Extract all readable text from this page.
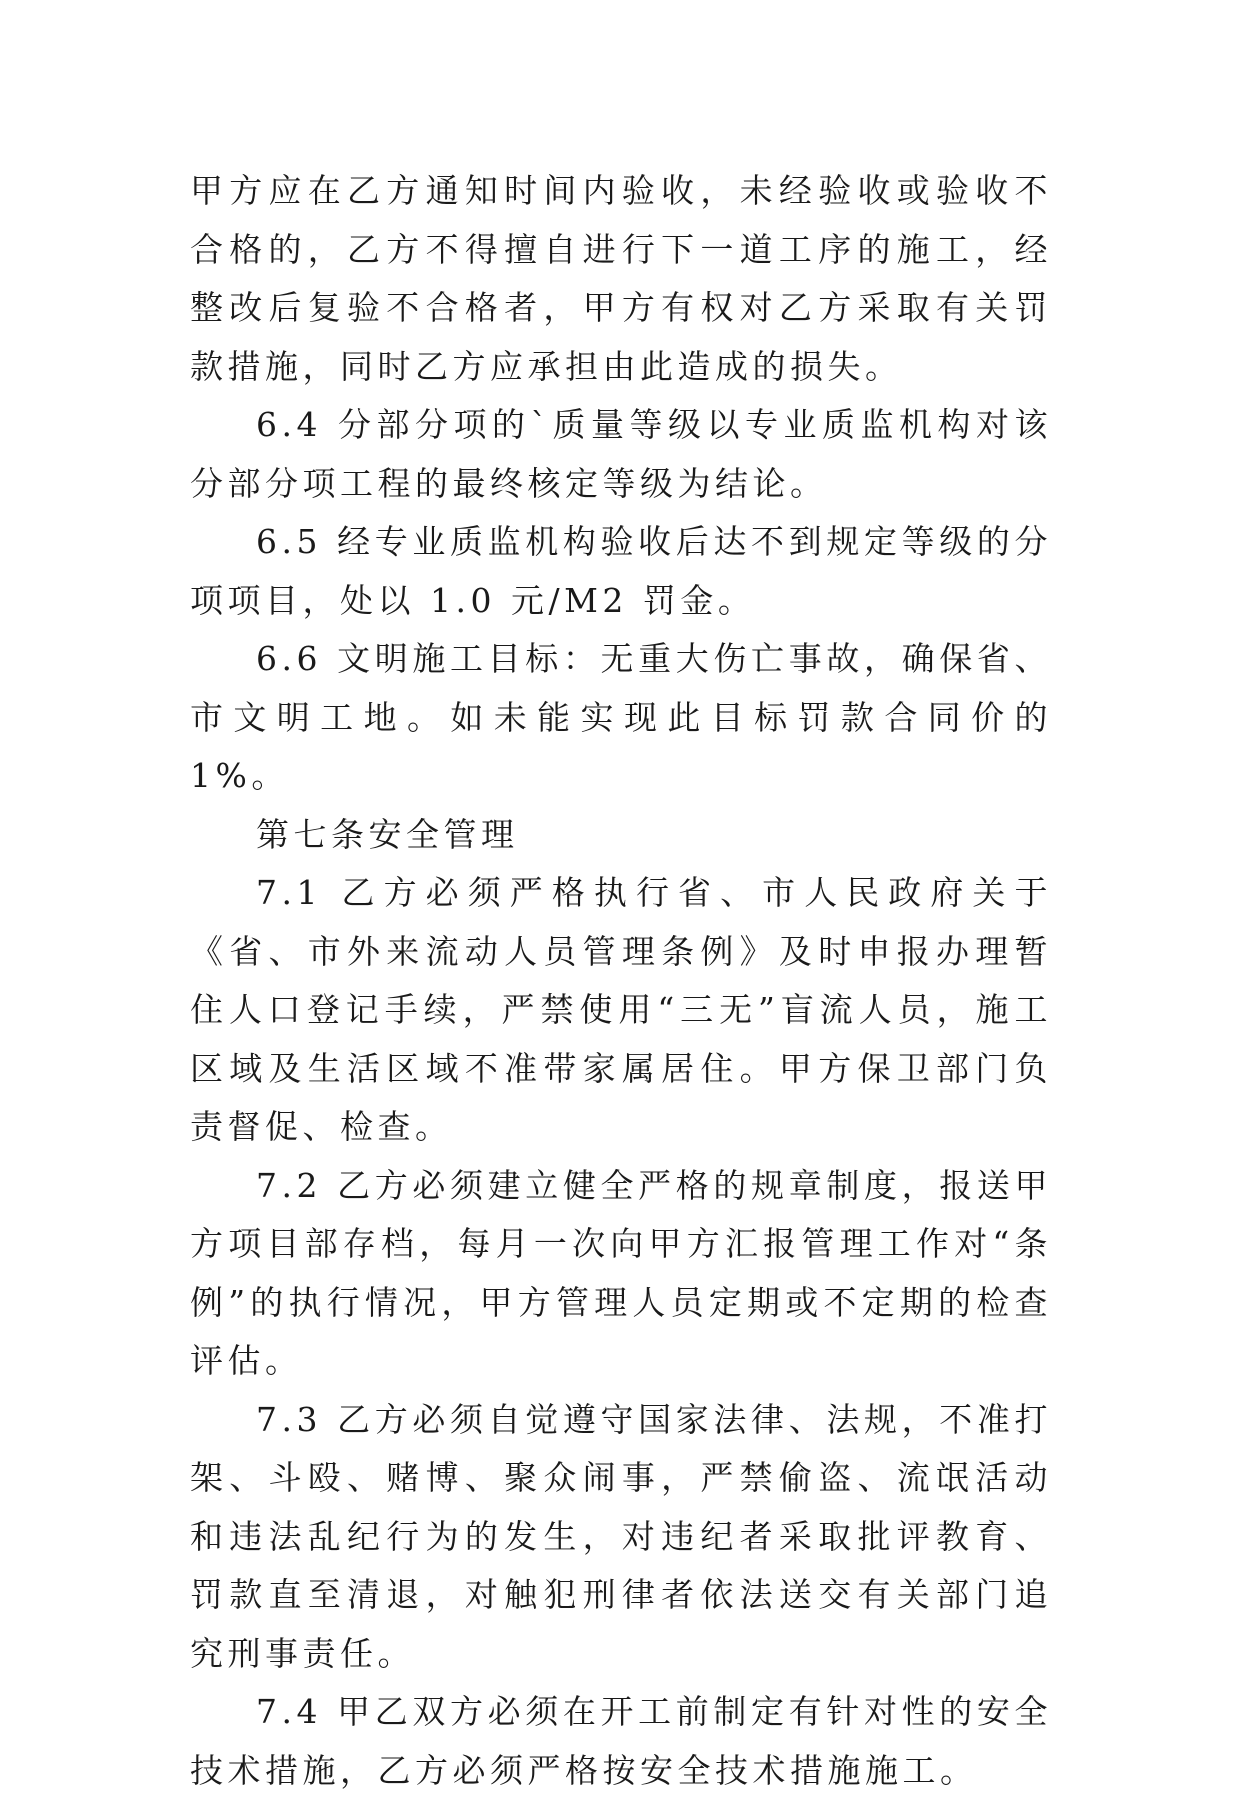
甲方应在乙方通知时间内验收，未经验收或验收不合格的，乙方不得擅自进行下一道工序的施工，经整改后复验不合格者，甲方有权对乙方采取有关罚款措施，同时乙方应承担由此造成的损失。

6.4 分部分项的`质量等级以专业质监机构对该分部分项工程的最终核定等级为结论。

6.5 经专业质监机构验收后达不到规定等级的分项项目，处以 1.0 元/M2 罚金。

6.6 文明施工目标：无重大伤亡事故，确保省、市文明工地。如未能实现此目标罚款合同价的 1%。

第七条安全管理

7.1 乙方必须严格执行省、市人民政府关于《省、市外来流动人员管理条例》及时申报办理暂住人口登记手续，严禁使用“三无”盲流人员，施工区域及生活区域不准带家属居住。甲方保卫部门负责督促、检查。

7.2 乙方必须建立健全严格的规章制度，报送甲方项目部存档，每月一次向甲方汇报管理工作对“条例”的执行情况，甲方管理人员定期或不定期的检查评估。

7.3 乙方必须自觉遵守国家法律、法规，不准打架、斗殴、赌博、聚众闹事，严禁偷盗、流氓活动和违法乱纪行为的发生，对违纪者采取批评教育、罚款直至清退，对触犯刑律者依法送交有关部门追究刑事责任。

7.4 甲乙双方必须在开工前制定有针对性的安全技术措施，乙方必须严格按安全技术措施施工。
